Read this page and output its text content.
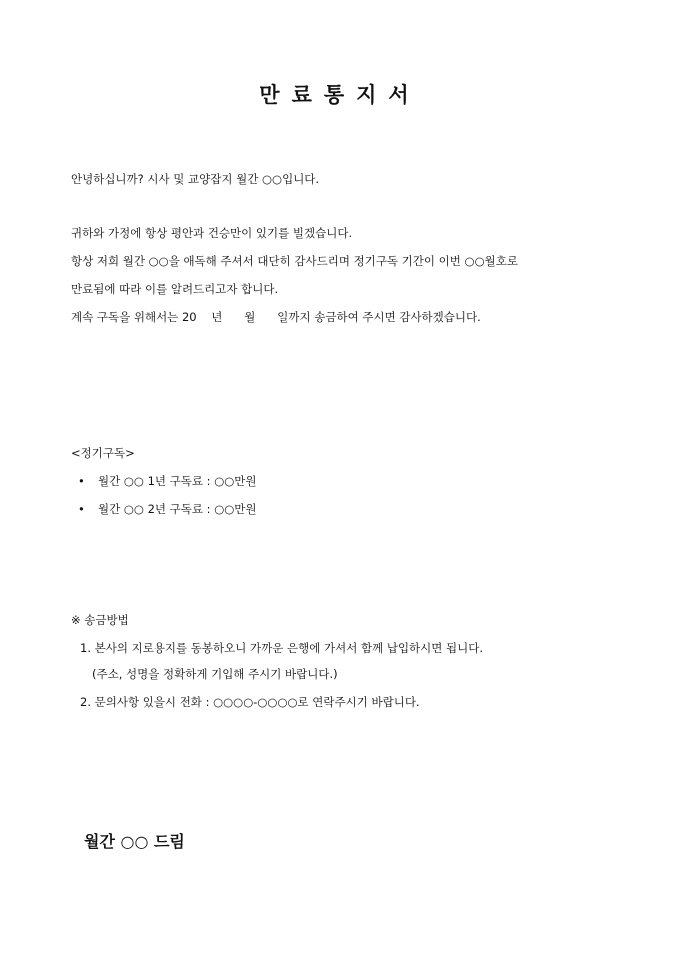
만료통지서
안녕하십니까? 시사 및 교양잡지 월간 ○○입니다.
귀하와 가정에 항상 평안과 건승만이 있기를 빌겠습니다.
항상 저희 월간 ○○을 애독해 주셔서 대단히 감사드리며 정기구독 기간이 이번 ○○월호로
만료됨에 따라 이를 알려드리고자 합니다.
계속 구독을 위해서는 20    년      월      일까지 송금하여 주시면 감사하겠습니다.
<정기구독>
• 월간 ○○ 1년 구독료 : ○○만원
• 월간 ○○ 2년 구독료 : ○○만원
※ 송금방법
1. 본사의 지로용지를 동봉하오니 가까운 은행에 가셔서 함께 납입하시면 됩니다.
(주소, 성명을 정확하게 기입해 주시기 바랍니다.)
2. 문의사항 있을시 전화 : ○○○○-○○○○로 연락주시기 바랍니다.
월간 ○○ 드림
